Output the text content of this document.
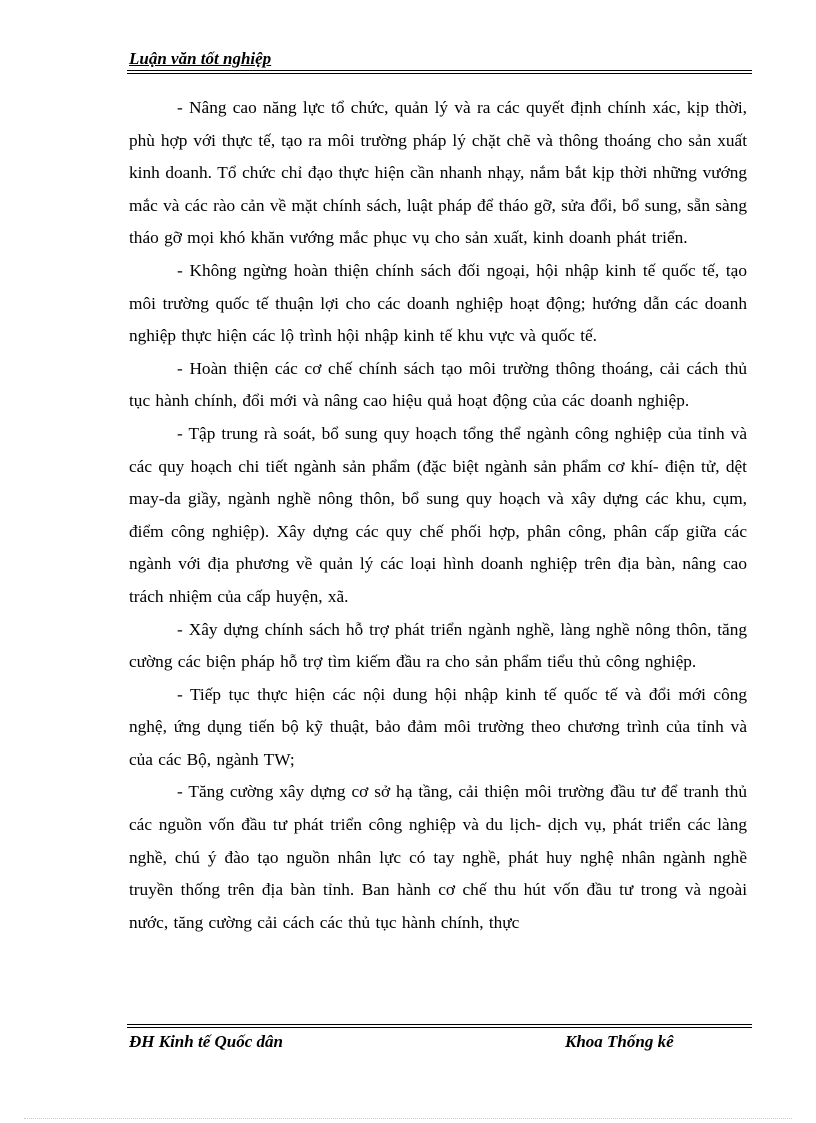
Luận văn tốt nghiệp

- Nâng cao năng lực tổ chức, quản lý và ra các quyết định chính xác, kịp thời, phù hợp với thực tế, tạo ra môi trường pháp lý chặt chẽ và thông thoáng cho sản xuất kinh doanh. Tổ chức chỉ đạo thực hiện cần nhanh nhạy, nắm bắt kịp thời những vướng mắc và các rào cản về mặt chính sách, luật pháp để tháo gỡ, sửa đổi, bổ sung, sẵn sàng tháo gỡ mọi khó khăn vướng mắc phục vụ cho sản xuất, kinh doanh phát triển.

- Không ngừng hoàn thiện chính sách đối ngoại, hội nhập kinh tế quốc tế, tạo môi trường quốc tế thuận lợi cho các doanh nghiệp hoạt động; hướng dẫn các doanh nghiệp thực hiện các lộ trình hội nhập kinh tế khu vực và quốc tế.

- Hoàn thiện các cơ chế chính sách tạo môi trường thông thoáng, cải cách thủ tục hành chính, đổi mới và nâng cao hiệu quả hoạt động của các doanh nghiệp.

- Tập trung rà soát, bổ sung quy hoạch tổng thể ngành công nghiệp của tỉnh và các quy hoạch chi tiết ngành sản phẩm (đặc biệt ngành sản phẩm cơ khí- điện tử, dệt may-da giầy, ngành nghề nông thôn, bổ sung quy hoạch và xây dựng các khu, cụm, điểm công nghiệp). Xây dựng các quy chế phối hợp, phân công, phân cấp giữa các ngành với địa phương về quản lý các loại hình doanh nghiệp trên địa bàn, nâng cao trách nhiệm của cấp huyện, xã.

- Xây dựng chính sách hỗ trợ phát triển ngành nghề, làng nghề nông thôn, tăng cường các biện pháp hỗ trợ tìm kiếm đầu ra cho sản phẩm tiểu thủ công nghiệp.

- Tiếp tục thực hiện các nội dung hội nhập kinh tế quốc tế và đổi mới công nghệ, ứng dụng tiến bộ kỹ thuật, bảo đảm môi trường theo chương trình của tỉnh và của các Bộ, ngành TW;

- Tăng cường xây dựng cơ sở hạ tầng, cải thiện môi trường đầu tư để tranh thủ các nguồn vốn đầu tư phát triển công nghiệp và du lịch- dịch vụ, phát triển các làng nghề, chú ý đào tạo nguồn nhân lực có tay nghề, phát huy nghệ nhân ngành nghề truyền thống trên địa bàn tỉnh. Ban hành cơ chế thu hút vốn đầu tư trong và ngoài nước, tăng cường cải cách các thủ tục hành chính, thực

ĐH Kinh tế Quốc dân	Khoa Thống kê
